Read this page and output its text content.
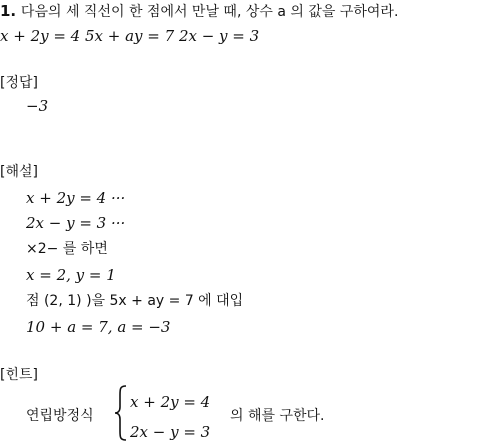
1. 다음의 세 직선이 한 점에서 만날 때, 상수 a 의 값을 구하여라.
x + 2y = 4 5x + ay = 7 2x − y = 3
[정답]
−3
[해설]
x + 2y = 4 ···
2x − y = 3 ···
×2− 를 하면
x = 2, y = 1
점 (2, 1) )을 5x + ay = 7 에 대입
10 + a = 7, a = −3
[힌트]
연립방정식
x + 2y = 4
2x − y = 3
의 해를 구한다.
